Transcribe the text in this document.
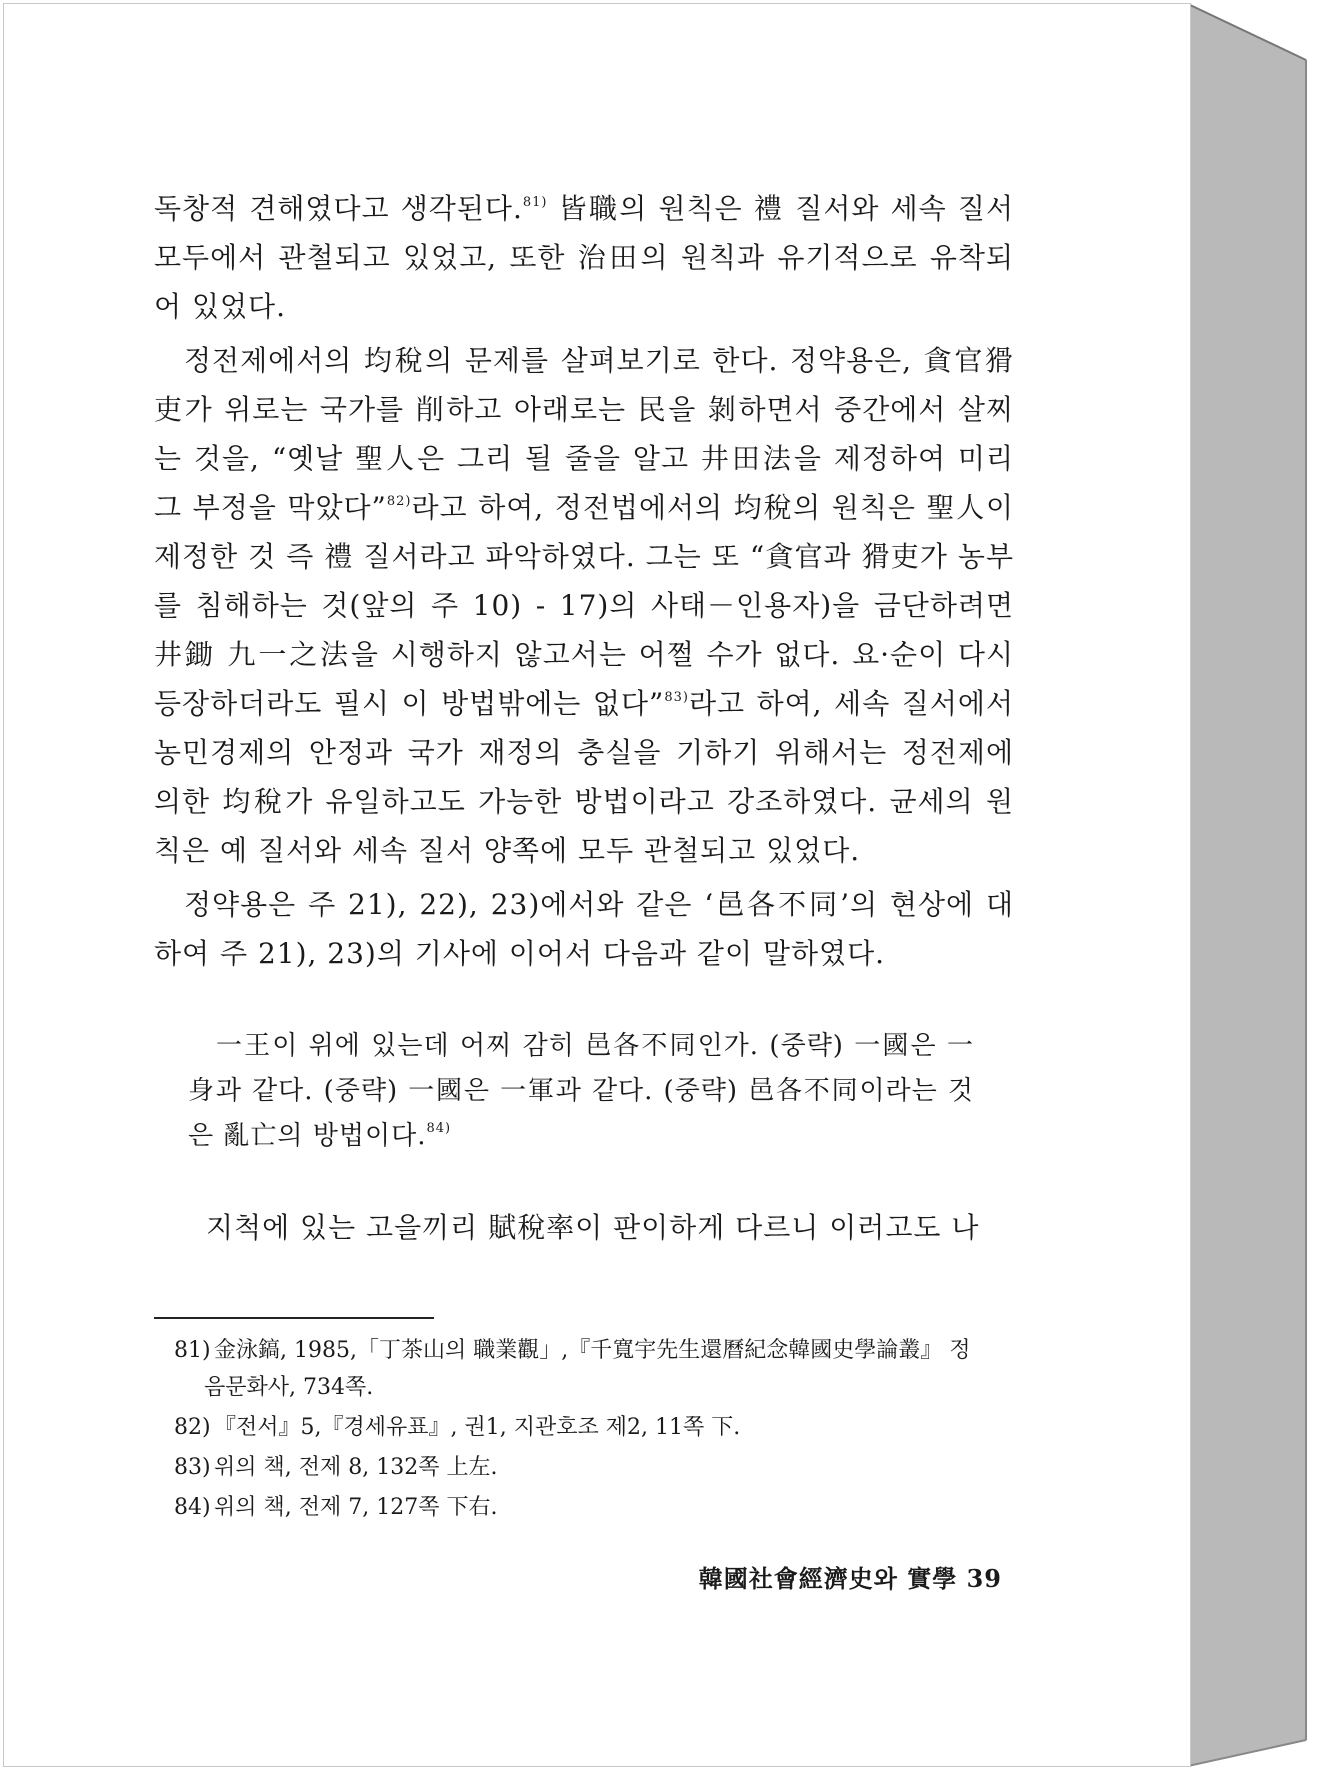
독창적 견해였다고 생각된다.$^{81)}$ 皆職의 원칙은 禮 질서와 세속 질서 모두에서 관철되고 있었고, 또한 治田의 원칙과 유기적으로 유착되어 있었다.

정전제에서의 均稅의 문제를 살펴보기로 한다. 정약용은, 貪官猾吏가 위로는 국가를 削하고 아래로는 民을 剝하면서 중간에서 살찌는 것을, “옛날 聖人은 그리 될 줄을 알고 井田法을 제정하여 미리 그 부정을 막았다”$^{82)}$라고 하여, 정전법에서의 均稅의 원칙은 聖人이 제정한 것 즉 禮 질서라고 파악하였다. 그는 또 “貪官과 猾吏가 농부를 침해하는 것(앞의 주 10) - 17)의 사태－인용자)을 금단하려면 井鋤 九一之法을 시행하지 않고서는 어쩔 수가 없다. 요·순이 다시 등장하더라도 필시 이 방법밖에는 없다”$^{83)}$라고 하여, 세속 질서에서 농민경제의 안정과 국가 재정의 충실을 기하기 위해서는 정전제에 의한 均稅가 유일하고도 가능한 방법이라고 강조하였다. 균세의 원칙은 예 질서와 세속 질서 양쪽에 모두 관철되고 있었다.

정약용은 주 21), 22), 23)에서와 같은 ‘邑各不同’의 현상에 대하여 주 21), 23)의 기사에 이어서 다음과 같이 말하였다.

一王이 위에 있는데 어찌 감히 邑各不同인가. (중략) 一國은 一身과 같다. (중략) 一國은 一軍과 같다. (중략) 邑各不同이라는 것은 亂亡의 방법이다.$^{84)}$

지척에 있는 고을끼리 賦稅率이 판이하게 다르니 이러고도 나

81) 金泳鎬, 1985,「丁茶山의 職業觀」,『千寬宇先生還曆紀念韓國史學論叢』 정
음문화사, 734쪽.
82) 『전서』5,『경세유표』, 권1, 지관호조 제2, 11쪽 下.
83) 위의 책, 전제 8, 132쪽 上左.
84) 위의 책, 전제 7, 127쪽 下右.
韓國社會經濟史와 實學 39
